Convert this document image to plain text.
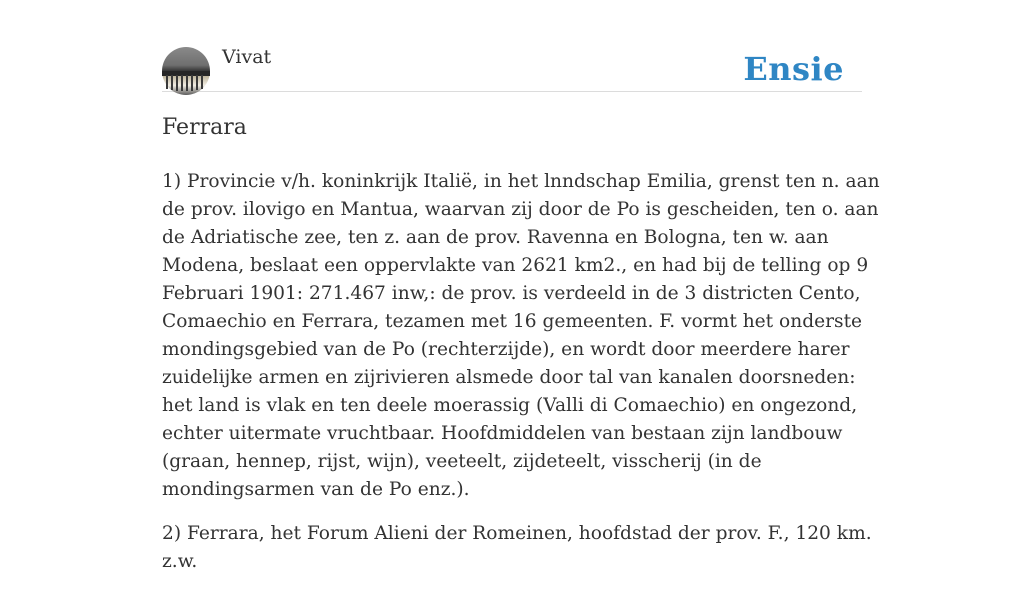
Vivat	Ensie
Ferrara

1) Provincie v/h. koninkrijk Italië, in het lnndschap Emilia, grenst ten n. aan de prov. ilovigo en Mantua, waarvan zij door de Po is gescheiden, ten o. aan de Adriatische zee, ten z. aan de prov. Ravenna en Bologna, ten w. aan Modena, beslaat een oppervlakte van 2621 km2., en had bij de telling op 9 Februari 1901: 271.467 inw,: de prov. is verdeeld in de 3 districten Cento, Comaechio en Ferrara, tezamen met 16 gemeenten. F. vormt het onderste mondingsgebied van de Po (rechterzijde), en wordt door meerdere harer zuidelijke armen en zijrivieren alsmede door tal van kanalen doorsneden: het land is vlak en ten deele moerassig (Valli di Comaechio) en ongezond, echter uitermate vruchtbaar. Hoofdmiddelen van bestaan zijn landbouw (graan, hennep, rijst, wijn), veeteelt, zijdeteelt, visscherij (in de mondingsarmen van de Po enz.).

2) Ferrara, het Forum Alieni der Romeinen, hoofdstad der prov. F., 120 km. z.w.
